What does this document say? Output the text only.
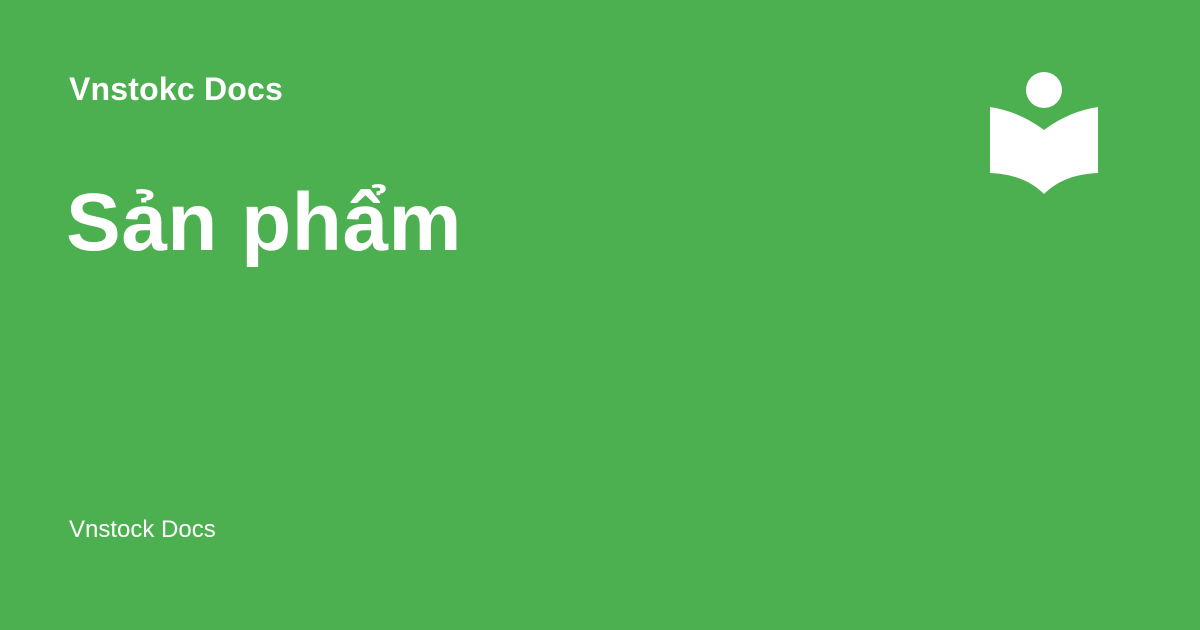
Vnstokc Docs
Sản phẩm
Vnstock Docs
